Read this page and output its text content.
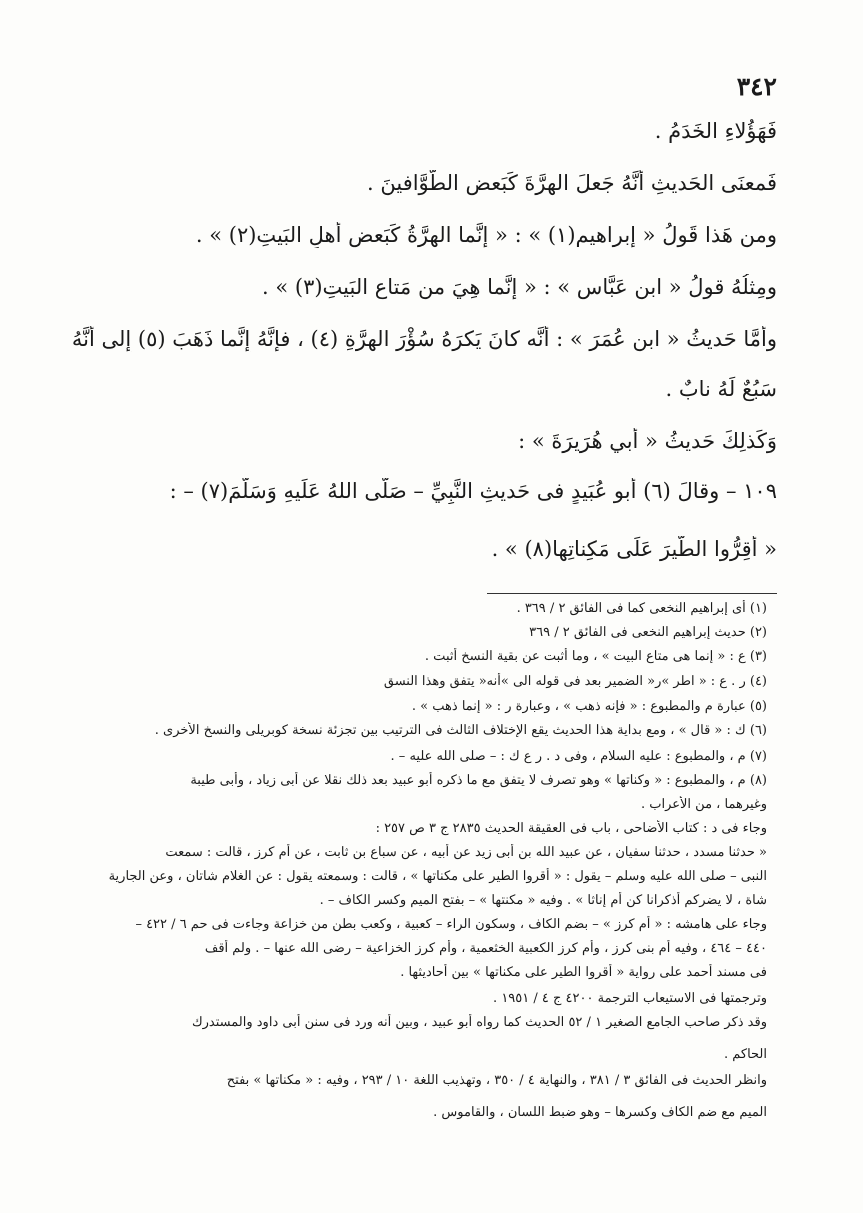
٣٤٢
فَهَؤُلاءِ الخَدَمُ .
فَمعنَى الحَديثِ أَنَّهُ جَعلَ الهِرَّةَ كَبَعضِ الطَّوَّافينَ .
ومن هَذا قَولُ « إبراهيم(١) » : « إِنَّما الهِرَّةُ كَبَعضِ أَهلِ البَيتِ(٢) » .
ومِثلُهُ قولُ « ابن عَبَّاسٍ » : « إِنَّما هِيَ من مَتاعِ البَيتِ(٣) » .
وأَمَّا حَديثُ « ابن عُمَرَ » : أَنَّه كانَ يَكرَهُ سُؤْرَ الهِرَّةِ (٤) ، فإِنَّهُ إِنَّما ذَهَبَ (٥) إِلى أَنَّهُ
سَبُعٌ لَهُ نابٌ .
وَكَذلِكَ حَديثُ « أَبي هُرَيرَةَ » :
١٠٩ – وقالَ (٦) أبو عُبَيدٍ فى حَديثِ النَّبِيِّ – صَلَّى اللهُ عَلَيهِ وَسَلَّمَ(٧) – :
« أَقِرُّوا الطَّيرَ عَلَى مَكِناتِها(٨) » .
(١) أى إبراهيم النخعى كما فى الفائق ٢ / ٣٦٩ .
(٢) حديث إبراهيم النخعى فى الفائق ٢ / ٣٦٩
(٣) ع : « إنما هى متاع البيت » ، وما أثبت عن بقية النسخ أثبت .
(٤) ر . ع : « اطر »ر« الضمير بعد فى قوله الى »أنه« يتفق وهذا النسق
(٥) عبارة م والمطبوع : « فإنه ذهب » ، وعبارة ر : « إنما ذهب » .
(٦) ك : « قال » ، ومع بداية هذا الحديث يقع الإختلاف الثالث فى الترتيب بين تجزئة نسخة كوبريلى والنسخ الأخرى .
(٧) م ، والمطبوع : عليه السلام ، وفى د . ر ع ك : – صلى الله عليه – .
(٨) م ، والمطبوع : « وكناتها » وهو تصرف لا يتفق مع ما ذكره أبو عبيد بعد ذلك نقلا عن أبى زياد ، وأبى طيبة
وغيرهما ، من الأعراب .
وجاء فى د : كتاب الأضاحى ، باب فى العقيقة الحديث ٢٨٣٥ ج ٣ ص ٢٥٧ :
« حدثنا مسدد ، حدثنا سفيان ، عن عبيد الله بن أبى زيد عن أبيه ، عن سباع بن ثابت ، عن أم كرز ، قالت : سمعت
النبى – صلى الله عليه وسلم – يقول : « أقروا الطير على مكناتها » ، قالت : وسمعته يقول : عن الغلام شاتان ، وعن الجارية
شاة ، لا يضركم أذكرانا كن أم إناثا » . وفيه « مكنتها » – بفتح الميم وكسر الكاف – .
وجاء على هامشه : « أم كرز » – بضم الكاف ، وسكون الراء – كعبية ، وكعب بطن من خزاعة وجاءت فى حم ٦ / ٤٢٢ –
٤٤٠ – ٤٦٤ ، وفيه أم بنى كرز ، وأم كرز الكعبية الخثعمية ، وأم كرز الخزاعية – رضى الله عنها – . ولم أقف
فى مسند أحمد على رواية « أقروا الطير على مكناتها » بين أحاديثها .
وترجمتها فى الاستيعاب الترجمة ٤٢٠٠ ج ٤ / ١٩٥١ .
وقد ذكر صاحب الجامع الصغير ١ / ٥٢ الحديث كما رواه أبو عبيد ، وبين أنه ورد فى سنن أبى داود والمستدرك
الحاكم .
وانظر الحديث فى الفائق ٣ / ٣٨١ ، والنهاية ٤ / ٣٥٠ ، وتهذيب اللغة ١٠ / ٢٩٣ ، وفيه : « مكناتها » بفتح
الميم مع ضم الكاف وكسرها – وهو ضبط اللسان ، والقاموس .
